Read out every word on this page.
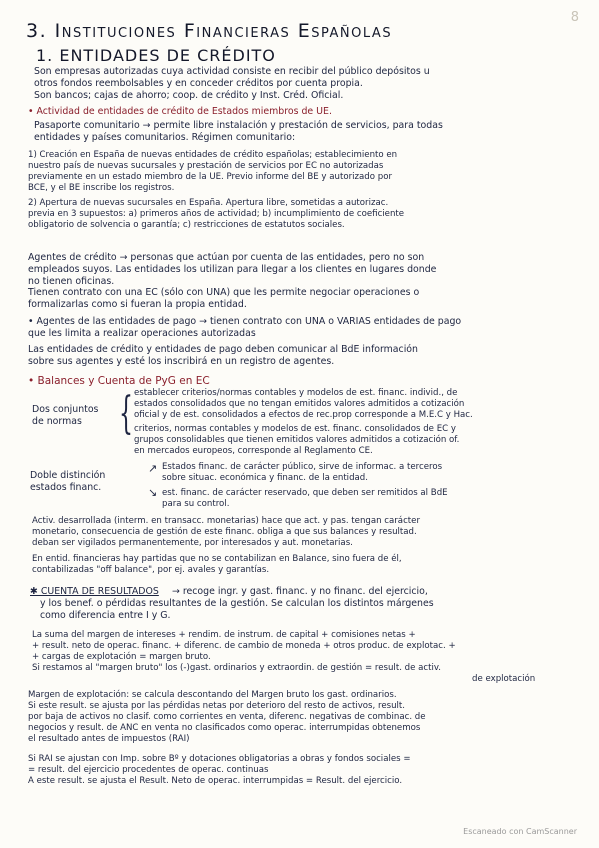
8
3. Instituciones Financieras Españolas
1. ENTIDADES DE CRÉDITO
Son empresas autorizadas cuya actividad consiste en recibir del público depósitos u
otros fondos reembolsables y en conceder créditos por cuenta propia.
Son bancos; cajas de ahorro; coop. de crédito y Inst. Créd. Oficial.
• Actividad de entidades de crédito de Estados miembros de UE.
Pasaporte comunitario → permite libre instalación y prestación de servicios, para todas
entidades y países comunitarios. Régimen comunitario:
1) Creación en España de nuevas entidades de crédito españolas; establecimiento en
nuestro país de nuevas sucursales y prestación de servicios por EC no autorizadas
previamente en un estado miembro de la UE. Previo informe del BE y autorizado por
BCE, y el BE inscribe los registros.
2) Apertura de nuevas sucursales en España. Apertura libre, sometidas a autorizac.
previa en 3 supuestos: a) primeros años de actividad; b) incumplimiento de coeficiente
obligatorio de solvencia o garantía; c) restricciones de estatutos sociales.
Agentes de crédito → personas que actúan por cuenta de las entidades, pero no son
empleados suyos. Las entidades los utilizan para llegar a los clientes en lugares donde
no tienen oficinas.
Tienen contrato con una EC (sólo con UNA) que les permite negociar operaciones o
formalizarlas como si fueran la propia entidad.
• Agentes de las entidades de pago → tienen contrato con UNA o VARIAS entidades de pago
que les limita a realizar operaciones autorizadas
Las entidades de crédito y entidades de pago deben comunicar al BdE información
sobre sus agentes y esté los inscribirá en un registro de agentes.
• Balances y Cuenta de PyG en EC
Dos conjuntos
de normas { establecer criterios/normas contables y modelos de est. financ. individ., de
estados consolidados que no tengan emitidos valores admitidos a cotización
oficial y de est. consolidados a efectos de rec.prop corresponde a M.E.C y Hac.
criterios, normas contables y modelos de est. financ. consolidados de EC y
grupos consolidables que tienen emitidos valores admitidos a cotización of.
en mercados europeos, corresponde al Reglamento CE.
Doble distinción
estados financ.
↗
↘
Estados financ. de carácter público, sirve de informac. a terceros
sobre situac. económica y financ. de la entidad.
est. financ. de carácter reservado, que deben ser remitidos al BdE
para su control.
Activ. desarrollada (interm. en transacc. monetarias) hace que act. y pas. tengan carácter
monetario, consecuencia de gestión de este financ. obliga a que sus balances y resultad.
deban ser vigilados permanentemente, por interesados y aut. monetarias.
En entid. financieras hay partidas que no se contabilizan en Balance, sino fuera de él,
contabilizadas "off balance", por ej. avales y garantías.
✱ CUENTA DE RESULTADOS → recoge ingr. y gast. financ. y no financ. del ejercicio,
y los benef. o pérdidas resultantes de la gestión. Se calculan los distintos márgenes
como diferencia entre I y G.
La suma del margen de intereses + rendim. de instrum. de capital + comisiones netas +
+ result. neto de operac. financ. + diferenc. de cambio de moneda + otros produc. de explotac. +
+ cargas de explotación = margen bruto.
Si restamos al "margen bruto" los (-)gast. ordinarios y extraordin. de gestión = result. de activ.
de explotación
Margen de explotación: se calcula descontando del Margen bruto los gast. ordinarios.
Si este result. se ajusta por las pérdidas netas por deterioro del resto de activos, result.
por baja de activos no clasif. como corrientes en venta, diferenc. negativas de combinac. de
negocios y result. de ANC en venta no clasificados como operac. interrumpidas obtenemos
el resultado antes de impuestos (RAI)
Si RAI se ajustan con Imp. sobre Bº y dotaciones obligatorias a obras y fondos sociales =
= result. del ejercicio procedentes de operac. continuas
A este result. se ajusta el Result. Neto de operac. interrumpidas = Result. del ejercicio.
Escaneado con CamScanner
